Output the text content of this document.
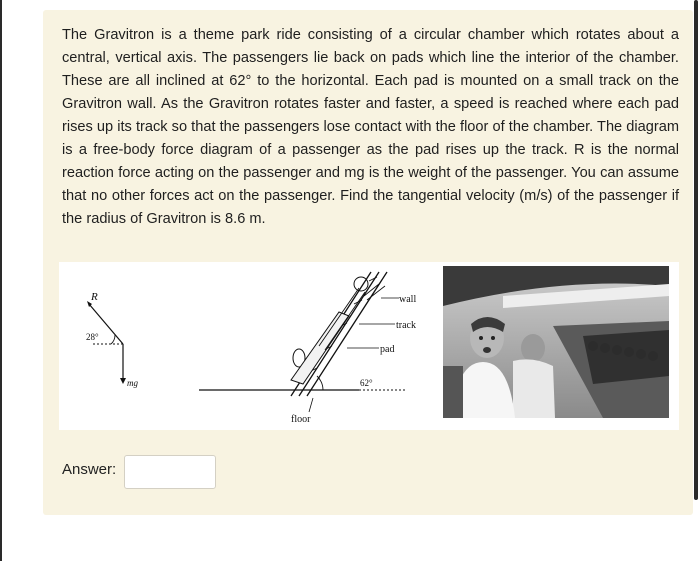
The Gravitron is a theme park ride consisting of a circular chamber which rotates about a central, vertical axis. The passengers lie back on pads which line the interior of the chamber. These are all inclined at 62° to the horizontal. Each pad is mounted on a small track on the Gravitron wall. As the Gravitron rotates faster and faster, a speed is reached where each pad rises up its track so that the passengers lose contact with the floor of the chamber. The diagram is a free-body force diagram of a passenger as the pad rises up the track. R is the normal reaction force acting on the passenger and mg is the weight of the passenger. You can assume that no other forces act on the passenger. Find the tangential velocity (m/s) of the passenger if the radius of Gravitron is 8.6 m.

R
28°
mg
wall
track
pad
62°
floor
Answer:
